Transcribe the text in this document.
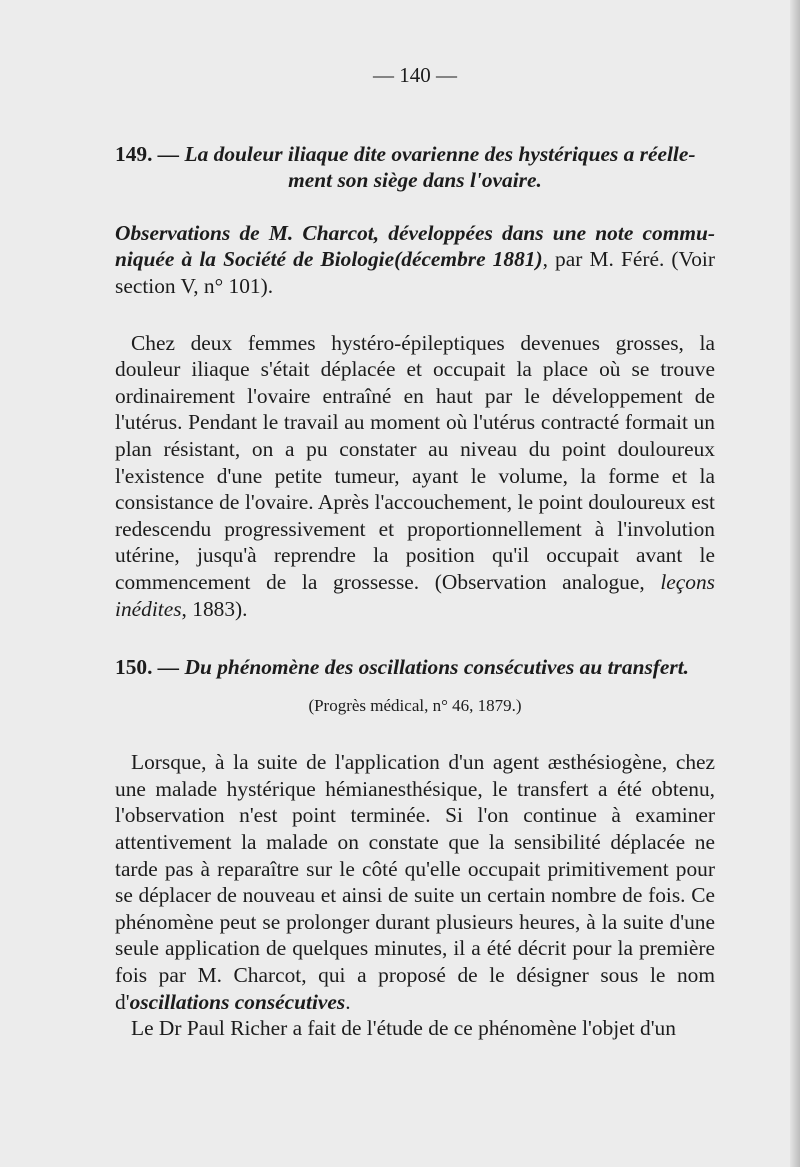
— 140 —

149. — La douleur iliaque dite ovarienne des hystériques a réelle-
ment son siège dans l'ovaire.

Observations de M. Charcot, développées dans une note commu-niquée à la Société de Biologie(décembre 1881), par M. Féré. (Voir section V, n° 101).

Chez deux femmes hystéro-épileptiques devenues grosses, la douleur iliaque s'était déplacée et occupait la place où se trouve ordinairement l'ovaire entraîné en haut par le développement de l'utérus. Pendant le travail au moment où l'utérus contracté formait un plan résistant, on a pu constater au niveau du point douloureux l'existence d'une petite tumeur, ayant le volume, la forme et la consistance de l'ovaire. Après l'accouchement, le point douloureux est redescendu progressivement et proportionnellement à l'involution utérine, jusqu'à reprendre la position qu'il occupait avant le commencement de la grossesse. (Observation analogue, leçons inédites, 1883).

150. — Du phénomène des oscillations consécutives au transfert.

(Progrès médical, n° 46, 1879.)

Lorsque, à la suite de l'application d'un agent æsthésiogène, chez une malade hystérique hémianesthésique, le transfert a été obtenu, l'observation n'est point terminée. Si l'on continue à examiner attentivement la malade on constate que la sensibilité déplacée ne tarde pas à reparaître sur le côté qu'elle occupait primitivement pour se déplacer de nouveau et ainsi de suite un certain nombre de fois. Ce phénomène peut se prolonger durant plusieurs heures, à la suite d'une seule application de quelques minutes, il a été décrit pour la première fois par M. Charcot, qui a proposé de le désigner sous le nom d'oscillations consécutives.

Le Dr Paul Richer a fait de l'étude de ce phénomène l'objet d'un
